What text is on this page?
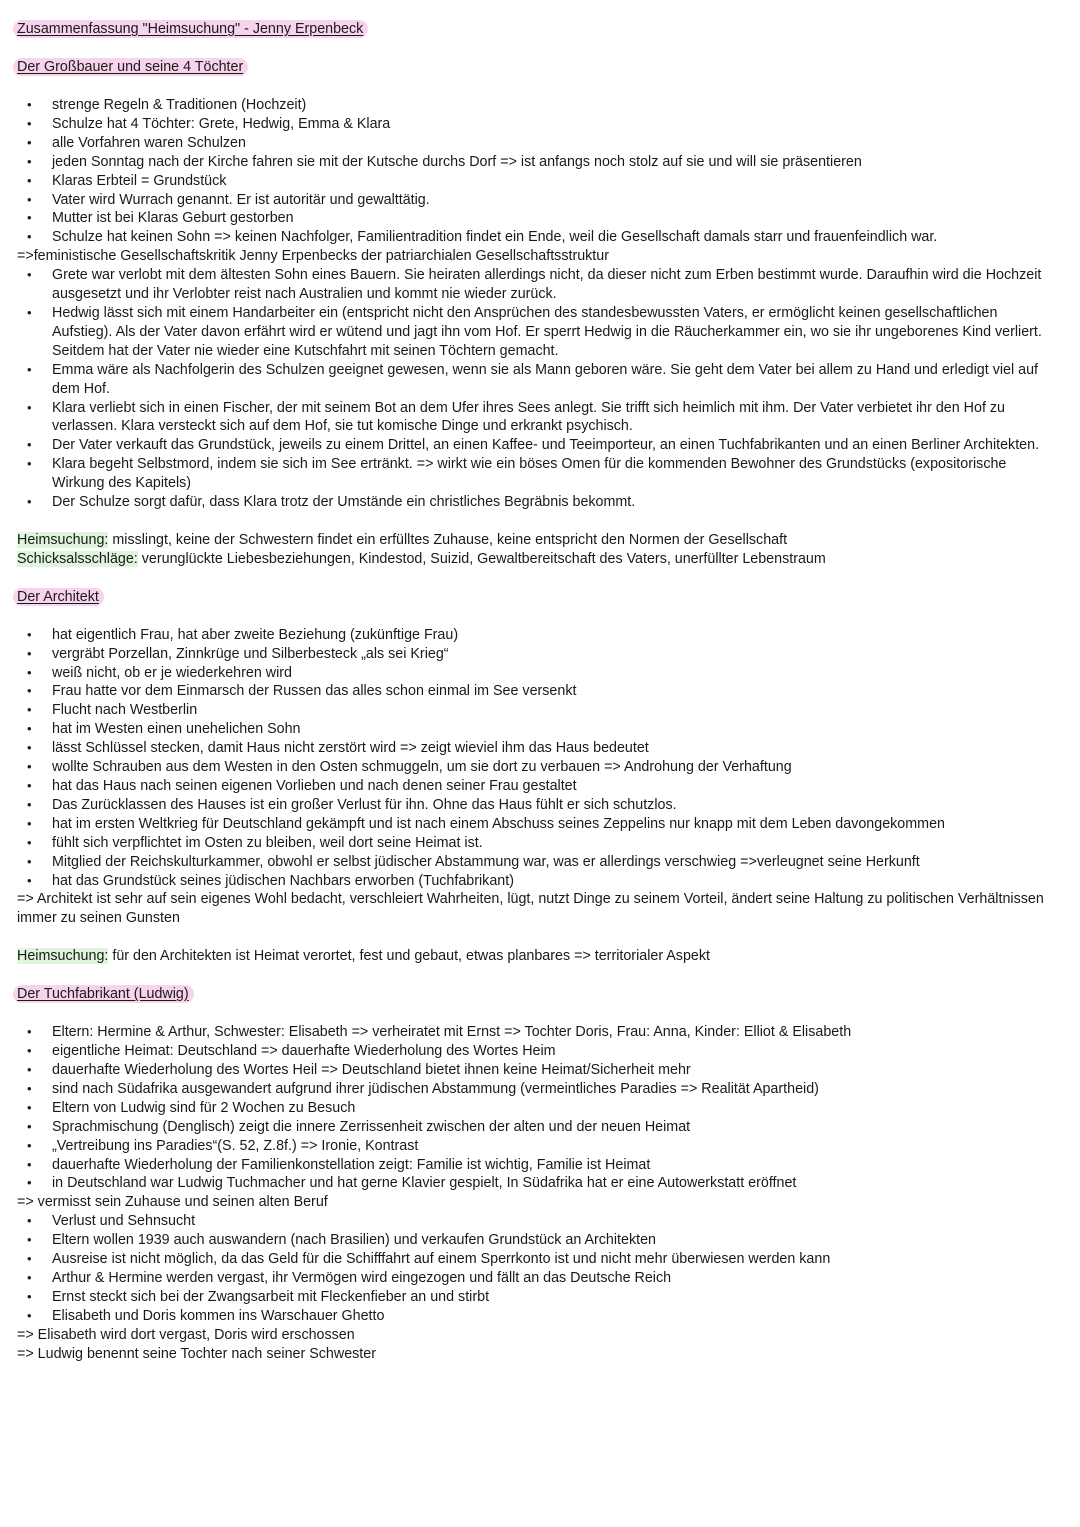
Zusammenfassung "Heimsuchung" - Jenny Erpenbeck

Der Großbauer und seine 4 Töchter

• strenge Regeln & Traditionen (Hochzeit)
• Schulze hat 4 Töchter: Grete, Hedwig, Emma & Klara
• alle Vorfahren waren Schulzen
• jeden Sonntag nach der Kirche fahren sie mit der Kutsche durchs Dorf => ist anfangs noch stolz auf sie und will sie präsentieren
• Klaras Erbteil = Grundstück
• Vater wird Wurrach genannt. Er ist autoritär und gewalttätig.
• Mutter ist bei Klaras Geburt gestorben
• Schulze hat keinen Sohn => keinen Nachfolger, Familientradition findet ein Ende, weil die Gesellschaft damals starr und frauenfeindlich war.

=>feministische Gesellschaftskritik Jenny Erpenbecks der patriarchialen Gesellschaftsstruktur

• Grete war verlobt mit dem ältesten Sohn eines Bauern. Sie heiraten allerdings nicht, da dieser nicht zum Erben bestimmt wurde. Daraufhin wird die Hochzeit ausgesetzt und ihr Verlobter reist nach Australien und kommt nie wieder zurück.
• Hedwig lässt sich mit einem Handarbeiter ein (entspricht nicht den Ansprüchen des standesbewussten Vaters, er ermöglicht keinen gesellschaftlichen Aufstieg). Als der Vater davon erfährt wird er wütend und jagt ihn vom Hof. Er sperrt Hedwig in die Räucherkammer ein, wo sie ihr ungeborenes Kind verliert. Seitdem hat der Vater nie wieder eine Kutschfahrt mit seinen Töchtern gemacht.
• Emma wäre als Nachfolgerin des Schulzen geeignet gewesen, wenn sie als Mann geboren wäre. Sie geht dem Vater bei allem zu Hand und erledigt viel auf dem Hof.
• Klara verliebt sich in einen Fischer, der mit seinem Bot an dem Ufer ihres Sees anlegt. Sie trifft sich heimlich mit ihm. Der Vater verbietet ihr den Hof zu verlassen. Klara versteckt sich auf dem Hof, sie tut komische Dinge und erkrankt psychisch.
• Der Vater verkauft das Grundstück, jeweils zu einem Drittel, an einen Kaffee- und Teeimporteur, an einen Tuchfabrikanten und an einen Berliner Architekten.
• Klara begeht Selbstmord, indem sie sich im See ertränkt. => wirkt wie ein böses Omen für die kommenden Bewohner des Grundstücks (expositorische Wirkung des Kapitels)
• Der Schulze sorgt dafür, dass Klara trotz der Umstände ein christliches Begräbnis bekommt.

Heimsuchung: misslingt, keine der Schwestern findet ein erfülltes Zuhause, keine entspricht den Normen der Gesellschaft

Schicksalsschläge: verunglückte Liebesbeziehungen, Kindestod, Suizid, Gewaltbereitschaft des Vaters, unerfüllter Lebenstraum

Der Architekt

• hat eigentlich Frau, hat aber zweite Beziehung (zukünftige Frau)
• vergräbt Porzellan, Zinnkrüge und Silberbesteck „als sei Krieg“
• weiß nicht, ob er je wiederkehren wird
• Frau hatte vor dem Einmarsch der Russen das alles schon einmal im See versenkt
• Flucht nach Westberlin
• hat im Westen einen unehelichen Sohn
• lässt Schlüssel stecken, damit Haus nicht zerstört wird => zeigt wieviel ihm das Haus bedeutet
• wollte Schrauben aus dem Westen in den Osten schmuggeln, um sie dort zu verbauen => Androhung der Verhaftung
• hat das Haus nach seinen eigenen Vorlieben und nach denen seiner Frau gestaltet
• Das Zurücklassen des Hauses ist ein großer Verlust für ihn. Ohne das Haus fühlt er sich schutzlos.
• hat im ersten Weltkrieg für Deutschland gekämpft und ist nach einem Abschuss seines Zeppelins nur knapp mit dem Leben davongekommen
• fühlt sich verpflichtet im Osten zu bleiben, weil dort seine Heimat ist.
• Mitglied der Reichskulturkammer, obwohl er selbst jüdischer Abstammung war, was er allerdings verschwieg =>verleugnet seine Herkunft
• hat das Grundstück seines jüdischen Nachbars erworben (Tuchfabrikant)

=> Architekt ist sehr auf sein eigenes Wohl bedacht, verschleiert Wahrheiten, lügt, nutzt Dinge zu seinem Vorteil, ändert seine Haltung zu politischen Verhältnissen immer zu seinen Gunsten

Heimsuchung: für den Architekten ist Heimat verortet, fest und gebaut, etwas planbares => territorialer Aspekt

Der Tuchfabrikant (Ludwig)

• Eltern: Hermine & Arthur, Schwester: Elisabeth => verheiratet mit Ernst => Tochter Doris, Frau: Anna, Kinder: Elliot & Elisabeth
• eigentliche Heimat: Deutschland => dauerhafte Wiederholung des Wortes Heim
• dauerhafte Wiederholung des Wortes Heil => Deutschland bietet ihnen keine Heimat/Sicherheit mehr
• sind nach Südafrika ausgewandert aufgrund ihrer jüdischen Abstammung (vermeintliches Paradies => Realität Apartheid)
• Eltern von Ludwig sind für 2 Wochen zu Besuch
• Sprachmischung (Denglisch) zeigt die innere Zerrissenheit zwischen der alten und der neuen Heimat
• „Vertreibung ins Paradies“(S. 52, Z.8f.) => Ironie, Kontrast
• dauerhafte Wiederholung der Familienkonstellation zeigt: Familie ist wichtig, Familie ist Heimat
• in Deutschland war Ludwig Tuchmacher und hat gerne Klavier gespielt, In Südafrika hat er eine Autowerkstatt eröffnet

=> vermisst sein Zuhause und seinen alten Beruf

• Verlust und Sehnsucht
• Eltern wollen 1939 auch auswandern (nach Brasilien) und verkaufen Grundstück an Architekten
• Ausreise ist nicht möglich, da das Geld für die Schifffahrt auf einem Sperrkonto ist und nicht mehr überwiesen werden kann
• Arthur & Hermine werden vergast, ihr Vermögen wird eingezogen und fällt an das Deutsche Reich
• Ernst steckt sich bei der Zwangsarbeit mit Fleckenfieber an und stirbt
• Elisabeth und Doris kommen ins Warschauer Ghetto

=> Elisabeth wird dort vergast, Doris wird erschossen

=> Ludwig benennt seine Tochter nach seiner Schwester
